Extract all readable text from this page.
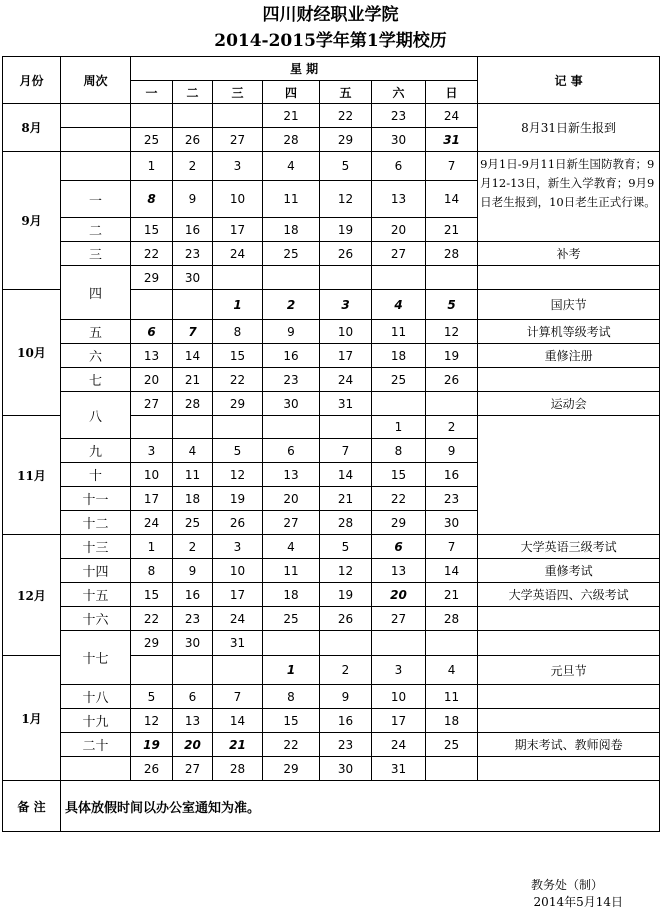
四川财经职业学院
2014-2015学年第1学期校历
月份	周次	星 期							记 事
		一	二	三	四	五	六	日	
8月					21	22	23	24	8月31日新生报到
		25	26	27	28	29	30	31	
9月		1	2	3	4	5	6	7	9月1日-9月11日新生国防教育；9月12-13日，新生入学教育；9月9日老生报到，10日老生正式行课。
	一	8	9	10	11	12	13	14	
	二	15	16	17	18	19	20	21	
	三	22	23	24	25	26	27	28	补考
	四	29	30						
10月				1	2	3	4	5	国庆节
	五	6	7	8	9	10	11	12	计算机等级考试
	六	13	14	15	16	17	18	19	重修注册
	七	20	21	22	23	24	25	26	
	八	27	28	29	30	31			运动会
11月							1	2	
	九	3	4	5	6	7	8	9	
	十	10	11	12	13	14	15	16	
	十一	17	18	19	20	21	22	23	
	十二	24	25	26	27	28	29	30	
12月	十三	1	2	3	4	5	6	7	大学英语三级考试
	十四	8	9	10	11	12	13	14	重修考试
	十五	15	16	17	18	19	20	21	大学英语四、六级考试
	十六	22	23	24	25	26	27	28	
	十七	29	30	31					
1月					1	2	3	4	元旦节
	十八	5	6	7	8	9	10	11	
	十九	12	13	14	15	16	17	18	
	二十	19	20	21	22	23	24	25	期末考试、教师阅卷
		26	27	28	29	30	31		
备 注	具体放假时间以办公室通知为准。								
教务处（制）
2014年5月14日
